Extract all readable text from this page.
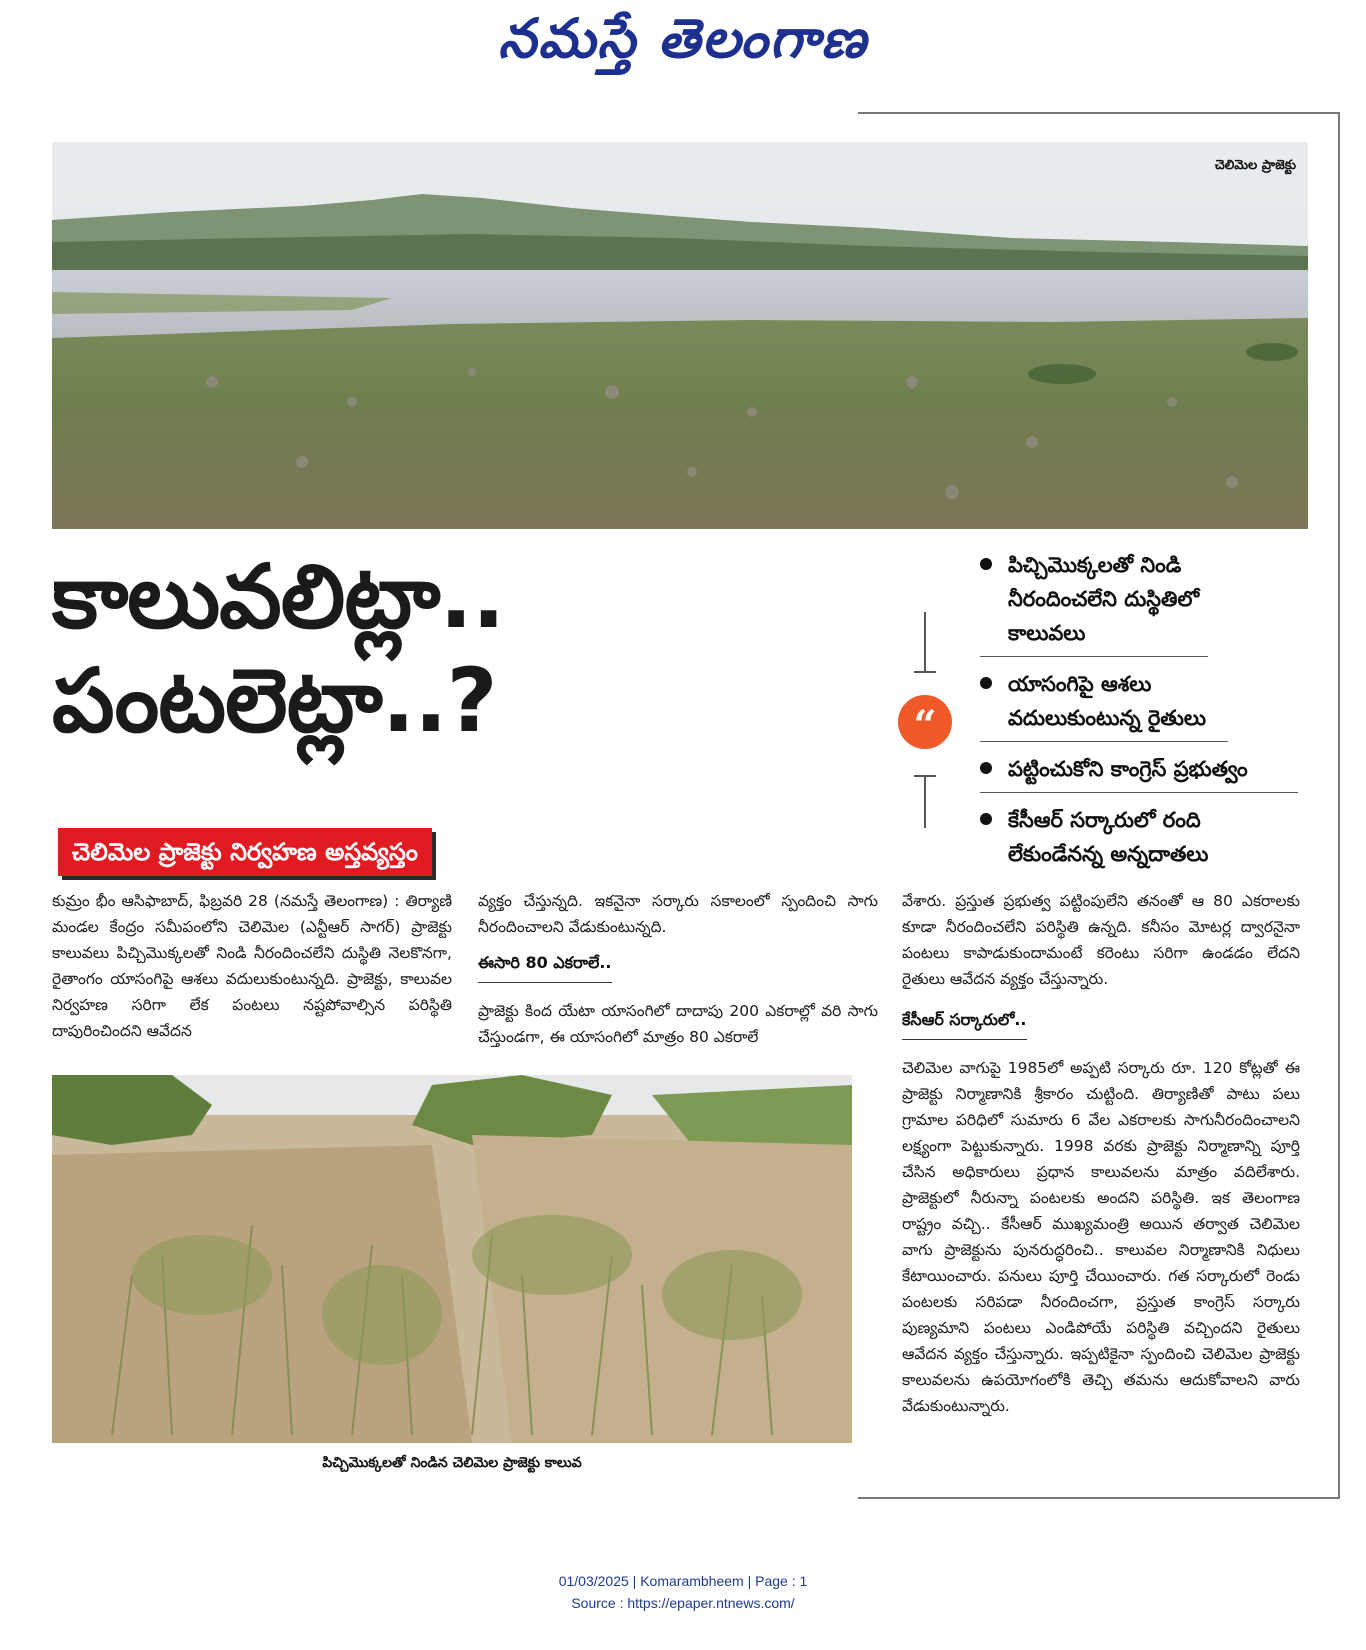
నమస్తే తెలంగాణ
చెలిమెల ప్రాజెక్టు
కాలువలిట్లా..
పంటలెట్లా..?
చెలిమెల ప్రాజెక్టు నిర్వహణ అస్తవ్యస్తం
“
పిచ్చిమొక్కలతో నిండి నీరందించలేని దుస్థితిలో కాలువలు
యాసంగిపై ఆశలు వదులుకుంటున్న రైతులు
పట్టించుకోని కాంగ్రెస్ ప్రభుత్వం
కేసీఆర్ సర్కారులో రంది లేకుండేనన్న అన్నదాతలు
కుమ్రం భీం ఆసిఫాబాద్, ఫిబ్రవరి 28 (నమస్తే తెలంగాణ) : తిర్యాణి మండల కేంద్రం సమీపంలోని చెలిమెల (ఎన్టీఆర్ సాగర్) ప్రాజెక్టు కాలువలు పిచ్చిమొక్కలతో నిండి నీరందించలేని దుస్థితి నెలకొనగా, రైతాంగం యాసంగిపై ఆశలు వదులుకుంటున్నది. ప్రాజెక్టు, కాలువల నిర్వహణ సరిగా లేక పంటలు నష్టపోవాల్సిన పరిస్థితి దాపురించిందని ఆవేదన
వ్యక్తం చేస్తున్నది. ఇకనైనా సర్కారు సకాలంలో స్పందించి సాగు నీరందించాలని వేడుకుంటున్నది.
ఈసారి 80 ఎకరాలే..
ప్రాజెక్టు కింద యేటా యాసంగిలో దాదాపు 200 ఎకరాల్లో వరి సాగు చేస్తుండగా, ఈ యాసంగిలో మాత్రం 80 ఎకరాలే
వేశారు. ప్రస్తుత ప్రభుత్వ పట్టింపులేని తనంతో ఆ 80 ఎకరాలకు కూడా నీరందించలేని పరిస్థితి ఉన్నది. కనీసం మోటర్ల ద్వారనైనా పంటలు కాపాడుకుందామంటే కరెంటు సరిగా ఉండడం లేదని రైతులు ఆవేదన వ్యక్తం చేస్తున్నారు.
కేసీఆర్ సర్కారులో..
చెలిమెల వాగుపై 1985లో అప్పటి సర్కారు రూ. 120 కోట్లతో ఈ ప్రాజెక్టు నిర్మాణానికి శ్రీకారం చుట్టింది. తిర్యాణితో పాటు పలు గ్రామాల పరిధిలో సుమారు 6 వేల ఎకరాలకు సాగునీరందించాలని లక్ష్యంగా పెట్టుకున్నారు. 1998 వరకు ప్రాజెక్టు నిర్మాణాన్ని పూర్తి చేసిన అధికారులు ప్రధాన కాలువలను మాత్రం వదిలేశారు. ప్రాజెక్టులో నీరున్నా పంటలకు అందని పరిస్థితి. ఇక తెలంగాణ రాష్ట్రం వచ్చి.. కేసీఆర్ ముఖ్యమంత్రి అయిన తర్వాత చెలిమెల వాగు ప్రాజెక్టును పునరుద్ధరించి.. కాలువల నిర్మాణానికి నిధులు కేటాయించారు. పనులు పూర్తి చేయించారు. గత సర్కారులో రెండు పంటలకు సరిపడా నీరందించగా, ప్రస్తుత కాంగ్రెస్ సర్కారు పుణ్యమాని పంటలు ఎండిపోయే పరిస్థితి వచ్చిందని రైతులు ఆవేదన వ్యక్తం చేస్తున్నారు. ఇప్పటికైనా స్పందించి చెలిమెల ప్రాజెక్టు కాలువలను ఉపయోగంలోకి తెచ్చి తమను ఆదుకోవాలని వారు వేడుకుంటున్నారు.
పిచ్చిమొక్కలతో నిండిన చెలిమెల ప్రాజెక్టు కాలువ
01/03/2025 | Komarambheem | Page : 1
Source : https://epaper.ntnews.com/
